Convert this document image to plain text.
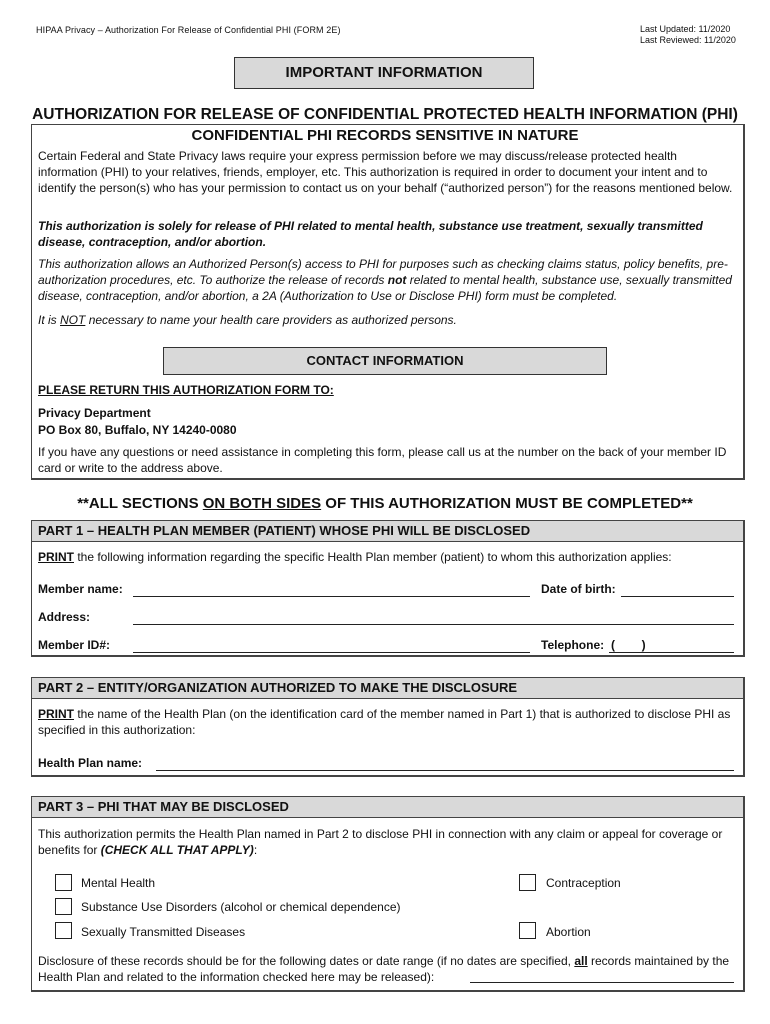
HIPAA Privacy – Authorization For Release of Confidential PHI (FORM 2E)	Last Updated: 11/2020
Last Reviewed: 11/2020
IMPORTANT INFORMATION
AUTHORIZATION FOR RELEASE OF CONFIDENTIAL PROTECTED HEALTH INFORMATION (PHI)
CONFIDENTIAL PHI RECORDS SENSITIVE IN NATURE
Certain Federal and State Privacy laws require your express permission before we may discuss/release protected health information (PHI) to your relatives, friends, employer, etc. This authorization is required in order to document your intent and to identify the person(s) who has your permission to contact us on your behalf (“authorized person”) for the reasons mentioned below.
This authorization is solely for release of PHI related to mental health, substance use treatment, sexually transmitted disease, contraception, and/or abortion.
This authorization allows an Authorized Person(s) access to PHI for purposes such as checking claims status, policy benefits, pre-authorization procedures, etc. To authorize the release of records not related to mental health, substance use, sexually transmitted disease, contraception, and/or abortion, a 2A (Authorization to Use or Disclose PHI) form must be completed.
It is NOT necessary to name your health care providers as authorized persons.
CONTACT INFORMATION
PLEASE RETURN THIS AUTHORIZATION FORM TO:
Privacy Department
PO Box 80, Buffalo, NY 14240-0080
If you have any questions or need assistance in completing this form, please call us at the number on the back of your member ID card or write to the address above.
**ALL SECTIONS ON BOTH SIDES OF THIS AUTHORIZATION MUST BE COMPLETED**
PART 1 – HEALTH PLAN MEMBER (PATIENT) WHOSE PHI WILL BE DISCLOSED
PRINT the following information regarding the specific Health Plan member (patient) to whom this authorization applies:
Member name:	Date of birth:
Address:
Member ID#:	Telephone: (        )
PART 2 – ENTITY/ORGANIZATION AUTHORIZED TO MAKE THE DISCLOSURE
PRINT the name of the Health Plan (on the identification card of the member named in Part 1) that is authorized to disclose PHI as specified in this authorization:
Health Plan name:
PART 3 – PHI THAT MAY BE DISCLOSED
This authorization permits the Health Plan named in Part 2 to disclose PHI in connection with any claim or appeal for coverage or benefits for (CHECK ALL THAT APPLY):
Mental Health
Substance Use Disorders (alcohol or chemical dependence)
Sexually Transmitted Diseases
Contraception
Abortion
Disclosure of these records should be for the following dates or date range (if no dates are specified, all records maintained by the Health Plan and related to the information checked here may be released):
